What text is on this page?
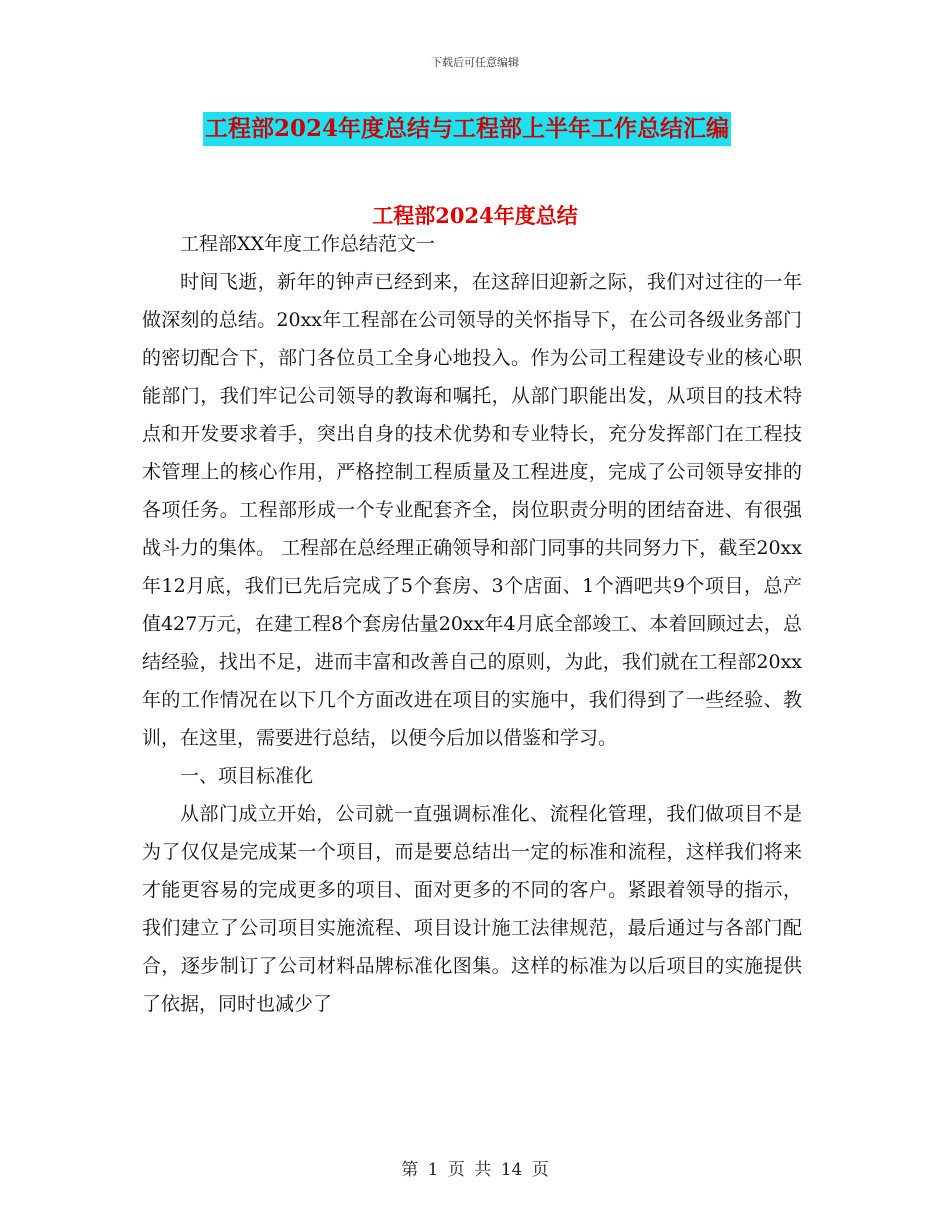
下载后可任意编辑
工程部2024年度总结与工程部上半年工作总结汇编
工程部2024年度总结

工程部XX年度工作总结范文一

时间飞逝，新年的钟声已经到来，在这辞旧迎新之际，我们对过往的一年做深刻的总结。20xx年工程部在公司领导的关怀指导下，在公司各级业务部门的密切配合下，部门各位员工全身心地投入。作为公司工程建设专业的核心职能部门，我们牢记公司领导的教诲和嘱托，从部门职能出发，从项目的技术特点和开发要求着手，突出自身的技术优势和专业特长，充分发挥部门在工程技术管理上的核心作用，严格控制工程质量及工程进度，完成了公司领导安排的各项任务。工程部形成一个专业配套齐全，岗位职责分明的团结奋进、有很强战斗力的集体。 工程部在总经理正确领导和部门同事的共同努力下，截至20xx年12月底，我们已先后完成了5个套房、3个店面、1个酒吧共9个项目，总产值427万元，在建工程8个套房估量20xx年4月底全部竣工、本着回顾过去，总结经验，找出不足，进而丰富和改善自己的原则，为此，我们就在工程部20xx年的工作情况在以下几个方面改进在项目的实施中，我们得到了一些经验、教训，在这里，需要进行总结，以便今后加以借鉴和学习。

一、项目标准化

从部门成立开始，公司就一直强调标准化、流程化管理，我们做项目不是为了仅仅是完成某一个项目，而是要总结出一定的标准和流程，这样我们将来才能更容易的完成更多的项目、面对更多的不同的客户。紧跟着领导的指示，我们建立了公司项目实施流程、项目设计施工法律规范，最后通过与各部门配合，逐步制订了公司材料品牌标准化图集。这样的标准为以后项目的实施提供了依据，同时也减少了

第 1 页 共 14 页
